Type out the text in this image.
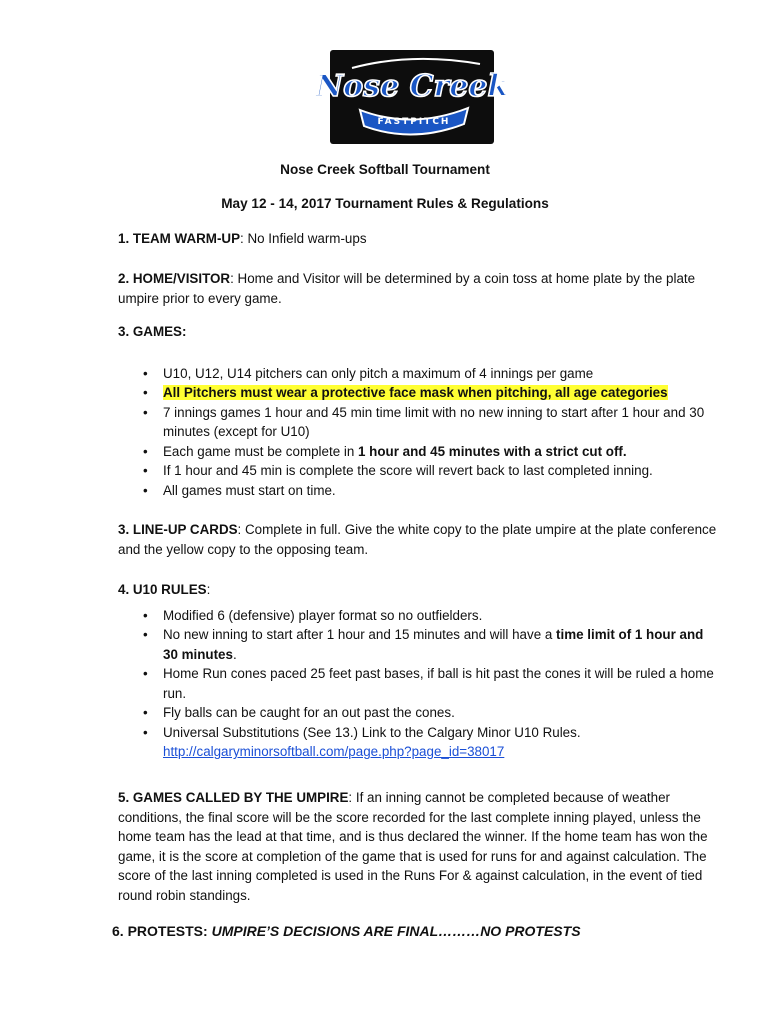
Nose Creek
FASTPITCH
Nose Creek Softball Tournament
May 12 - 14, 2017 Tournament Rules & Regulations
1. TEAM WARM-UP: No Infield warm-ups

2. HOME/VISITOR: Home and Visitor will be determined by a coin toss at home plate by the plate umpire prior to every game.

3. GAMES:
• U10, U12, U14 pitchers can only pitch a maximum of 4 innings per game
• All Pitchers must wear a protective face mask when pitching, all age categories
• 7 innings games 1 hour and 45 min time limit with no new inning to start after 1 hour and 30 minutes (except for U10)
• Each game must be complete in 1 hour and 45 minutes with a strict cut off.
• If 1 hour and 45 min is complete the score will revert back to last completed inning.
• All games must start on time.

3. LINE-UP CARDS: Complete in full. Give the white copy to the plate umpire at the plate conference and the yellow copy to the opposing team.

4. U10 RULES:
• Modified 6 (defensive) player format so no outfielders.
• No new inning to start after 1 hour and 15 minutes and will have a time limit of 1 hour and 30 minutes.
• Home Run cones paced 25 feet past bases, if ball is hit past the cones it will be ruled a home run.
• Fly balls can be caught for an out past the cones.
• Universal Substitutions (See 13.) Link to the Calgary Minor U10 Rules.
http://calgaryminorsoftball.com/page.php?page_id=38017

5. GAMES CALLED BY THE UMPIRE: If an inning cannot be completed because of weather conditions, the final score will be the score recorded for the last complete inning played, unless the home team has the lead at that time, and is thus declared the winner. If the home team has won the game, it is the score at completion of the game that is used for runs for and against calculation. The score of the last inning completed is used in the Runs For & against calculation, in the event of tied round robin standings.

6. PROTESTS: UMPIRE’S DECISIONS ARE FINAL………NO PROTESTS
